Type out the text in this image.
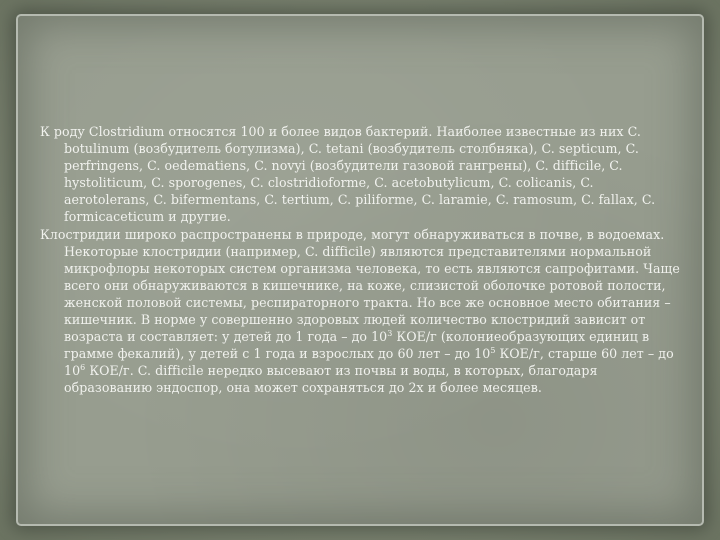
К роду Clostridium относятся 100 и более видов бактерий. Наиболее известные из них C. botulinum (возбудитель ботулизма), C. tetani (возбудитель столбняка), C. septicum, C. perfringens, C. oedematiens, C. novyi (возбудители газовой гангрены), C. difficile, C. hystoliticum, C. sporogenes, C. clostridioforme, C. acetobutylicum, C. colicanis, C. aerotolerans, C. bifermentans, C. tertium, C. piliforme, C. laramie, C. ramosum, C. fallax, C. formicaceticum и другие.

Клостридии широко распространены в природе, могут обнаруживаться в почве, в водоемах. Некоторые клостридии (например, C. difficile) являются представителями нормальной микрофлоры некоторых систем организма человека, то есть являются сапрофитами. Чаще всего они обнаруживаются в кишечнике, на коже, слизистой оболочке ротовой полости, женской половой системы, респираторного тракта. Но все же основное место обитания – кишечник. В норме у совершенно здоровых людей количество клостридий зависит от возраста и составляет: у детей до 1 года – до $10^3$ КОЕ/г (колониеобразующих единиц в грамме фекалий), у детей с 1 года и взрослых до 60 лет – до $10^5$ КОЕ/г, старше 60 лет – до $10^6$ КОЕ/г. C. difficile нередко высевают из почвы и воды, в которых, благодаря образованию эндоспор, она может сохраняться до 2х и более месяцев.
